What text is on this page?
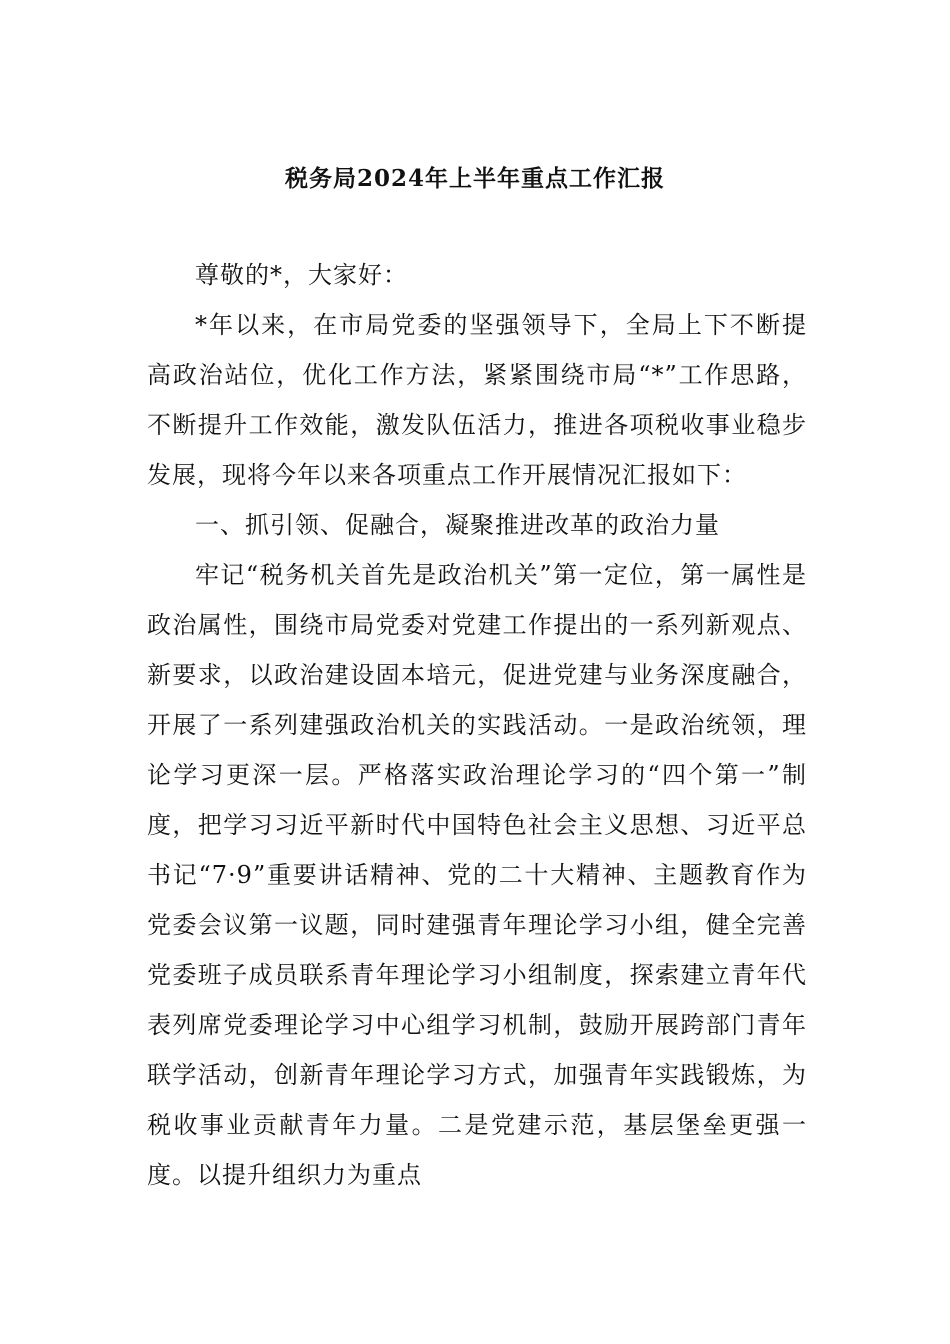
税务局2024年上半年重点工作汇报

尊敬的*，大家好：

*年以来，在市局党委的坚强领导下，全局上下不断提高政治站位，优化工作方法，紧紧围绕市局“*”工作思路，不断提升工作效能，激发队伍活力，推进各项税收事业稳步发展，现将今年以来各项重点工作开展情况汇报如下：

一、抓引领、促融合，凝聚推进改革的政治力量

牢记“税务机关首先是政治机关”第一定位，第一属性是政治属性，围绕市局党委对党建工作提出的一系列新观点、新要求，以政治建设固本培元，促进党建与业务深度融合，开展了一系列建强政治机关的实践活动。一是政治统领，理论学习更深一层。严格落实政治理论学习的“四个第一”制度，把学习习近平新时代中国特色社会主义思想、习近平总书记“7·9”重要讲话精神、党的二十大精神、主题教育作为党委会议第一议题，同时建强青年理论学习小组，健全完善党委班子成员联系青年理论学习小组制度，探索建立青年代表列席党委理论学习中心组学习机制，鼓励开展跨部门青年联学活动，创新青年理论学习方式，加强青年实践锻炼，为税收事业贡献青年力量。二是党建示范，基层堡垒更强一度。以提升组织力为重点
